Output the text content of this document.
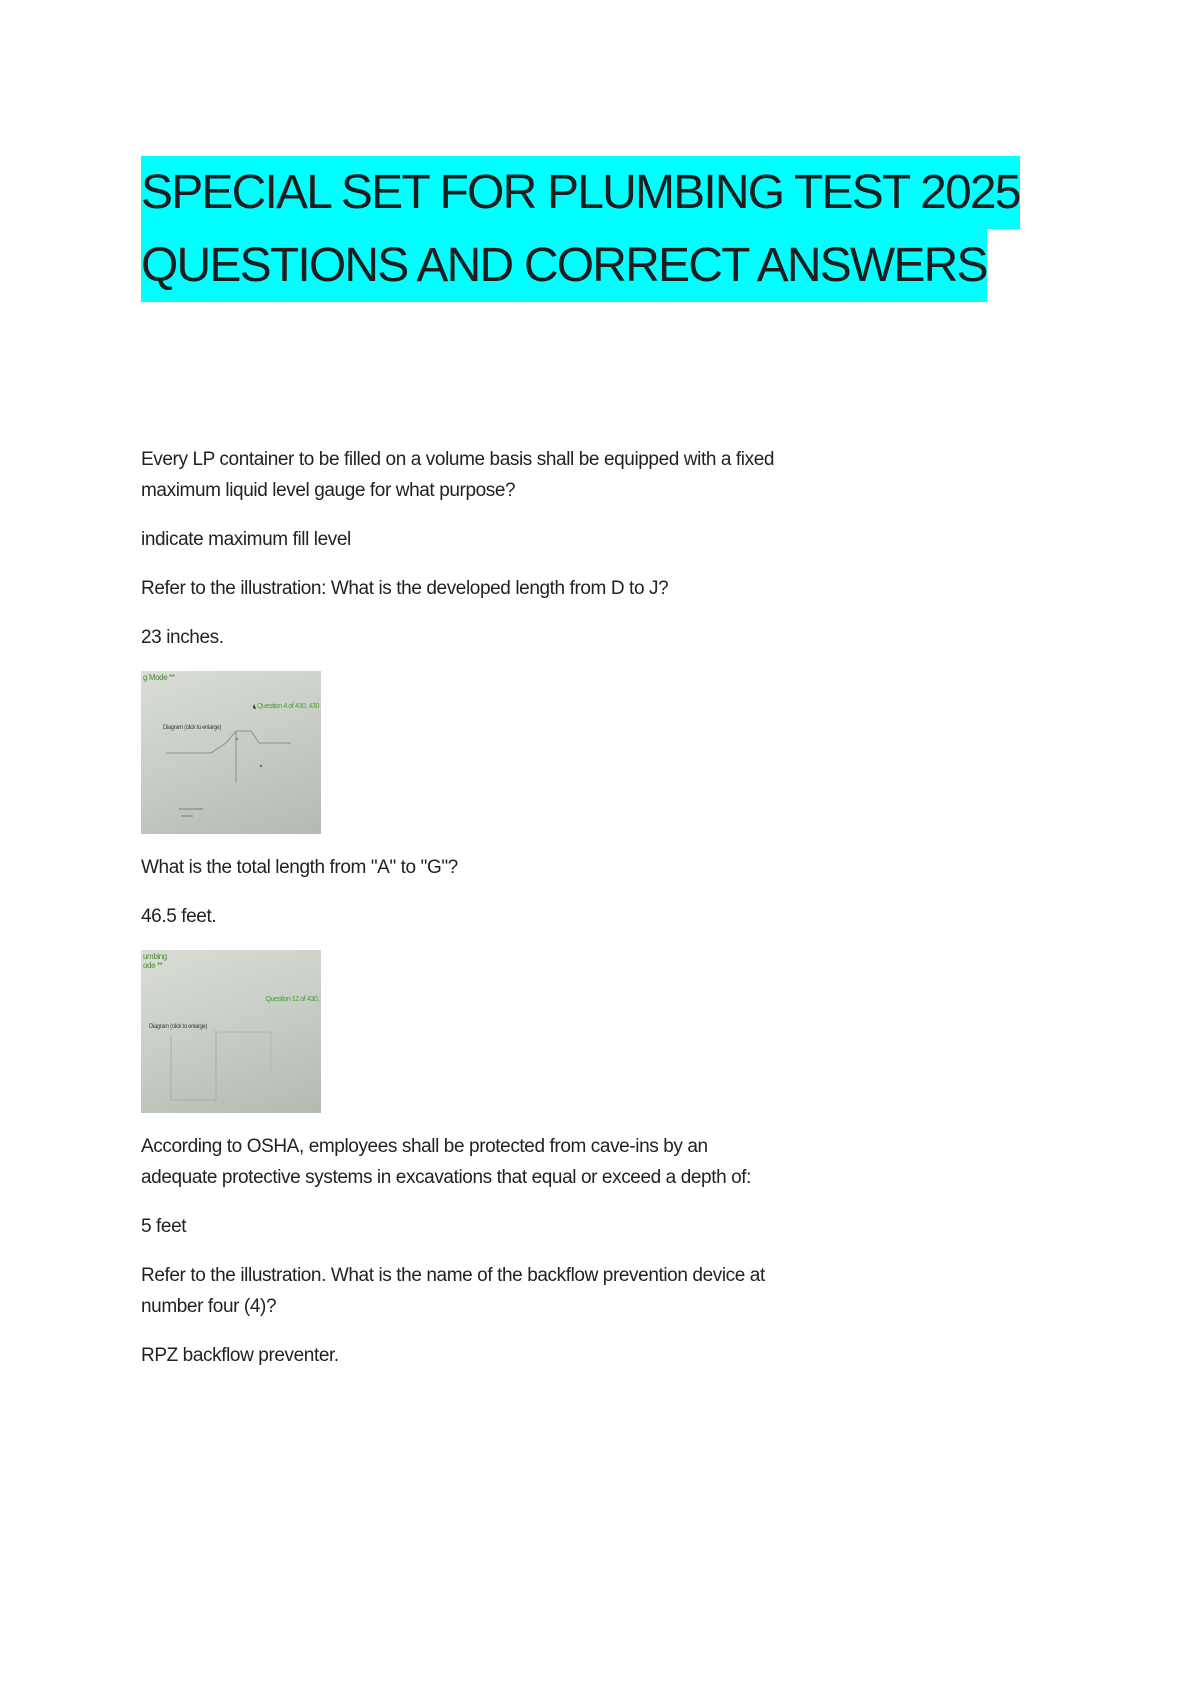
SPECIAL SET FOR PLUMBING TEST 2025
QUESTIONS AND CORRECT ANSWERS

Every LP container to be filled on a volume basis shall be equipped with a fixed maximum liquid level gauge for what purpose?

indicate maximum fill level

Refer to the illustration: What is the developed length from D to J?

23 inches.

g Mode **
Question 4 of 430, 430
Diagram (click to enlarge)

What is the total length from "A" to "G"?

46.5 feet.

umbing
ode **
Question 12 of 430,
Diagram (click to enlarge)

According to OSHA, employees shall be protected from cave-ins by an adequate protective systems in excavations that equal or exceed a depth of:

5 feet

Refer to the illustration. What is the name of the backflow prevention device at number four (4)?

RPZ backflow preventer.
